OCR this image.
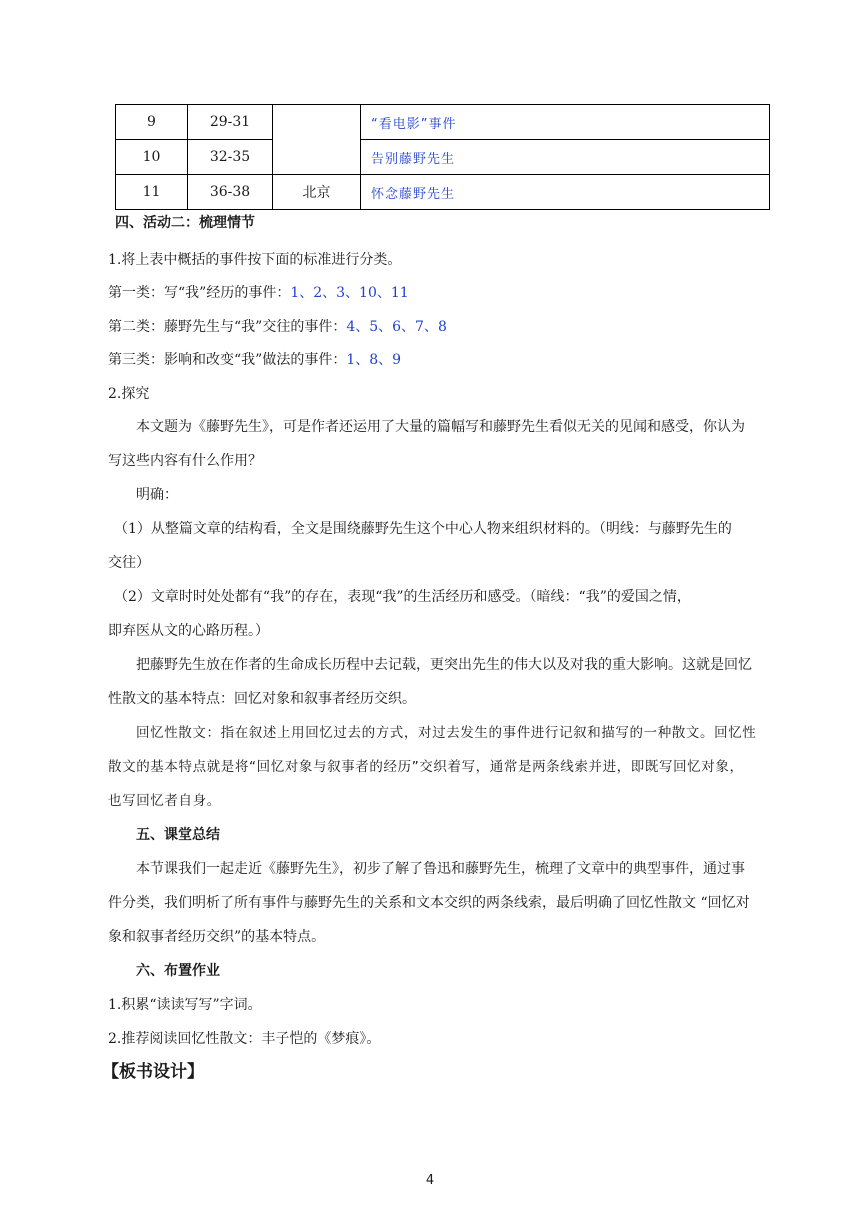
9	29-31		“看电影”事件
10	32-35		告别藤野先生
11	36-38	北京	怀念藤野先生
四、活动二：梳理情节
1.将上表中概括的事件按下面的标准进行分类。
第一类：写“我”经历的事件：1、2、3、10、11
第二类：藤野先生与“我”交往的事件：4、5、6、7、8
第三类：影响和改变“我”做法的事件：1、8、9
2.探究
本文题为《藤野先生》，可是作者还运用了大量的篇幅写和藤野先生看似无关的见闻和感受，你认为
写这些内容有什么作用？
明确：
（1）从整篇文章的结构看，全文是围绕藤野先生这个中心人物来组织材料的。（明线：与藤野先生的
交往）
（2）文章时时处处都有“我”的存在，表现“我”的生活经历和感受。（暗线：“我”的爱国之情，
即弃医从文的心路历程。）
把藤野先生放在作者的生命成长历程中去记载，更突出先生的伟大以及对我的重大影响。这就是回忆
性散文的基本特点：回忆对象和叙事者经历交织。
回忆性散文：指在叙述上用回忆过去的方式，对过去发生的事件进行记叙和描写的一种散文。回忆性
散文的基本特点就是将“回忆对象与叙事者的经历”交织着写，通常是两条线索并进，即既写回忆对象，
也写回忆者自身。
五、课堂总结
本节课我们一起走近《藤野先生》，初步了解了鲁迅和藤野先生，梳理了文章中的典型事件，通过事
件分类，我们明析了所有事件与藤野先生的关系和文本交织的两条线索，最后明确了回忆性散文 “回忆对
象和叙事者经历交织”的基本特点。
六、布置作业
1.积累“读读写写”字词。
2.推荐阅读回忆性散文：丰子恺的《梦痕》。
【板书设计】
4
